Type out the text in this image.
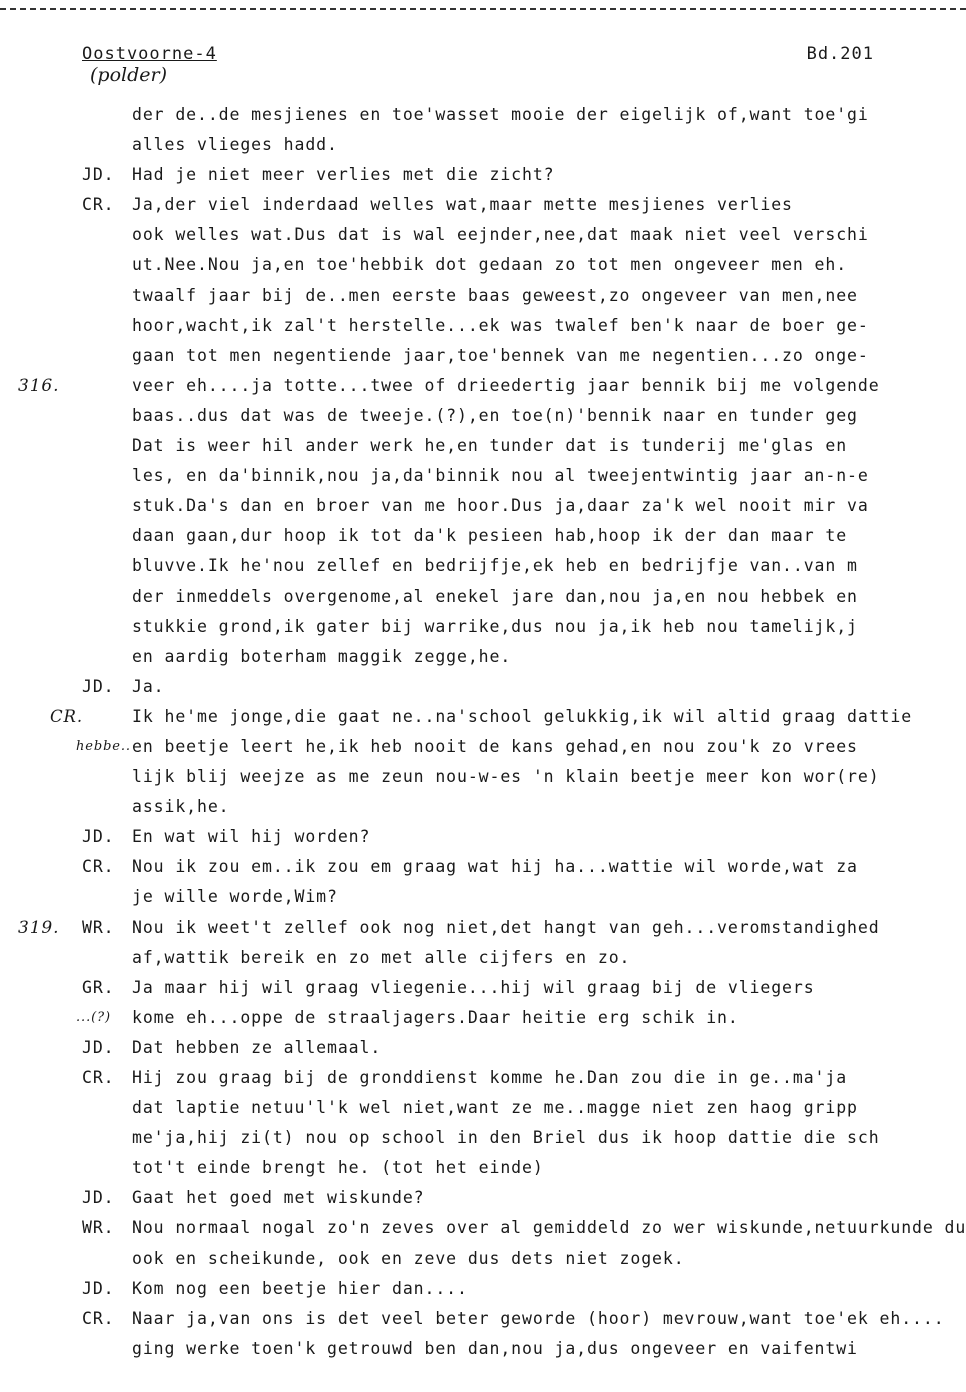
Oostvoorne-4	Bd.201
(polder)
der de..de mesjienes en toe'wasset mooie der eigelijk of,want toe'gi
alles vlieges hadd.
JD. Had je niet meer verlies met die zicht?
CR. Ja,der viel inderdaad welles wat,maar mette mesjienes verlies
ook welles wat.Dus dat is wal eejnder,nee,dat maak niet veel verschi
ut.Nee.Nou ja,en toe'hebbik dot gedaan zo tot men ongeveer men eh.
twaalf jaar bij de..men eerste baas geweest,zo ongeveer van men,nee
hoor,wacht,ik zal't herstelle...ek was twalef ben'k naar de boer ge-
gaan tot men negentiende jaar,toe'bennek van me negentien...zo onge-
316.	veer eh....ja totte...twee of drieedertig jaar bennik bij me volgende
baas..dus dat was de tweeje.(?),en toe(n)'bennik naar en tunder geg
Dat is weer hil ander werk he,en tunder dat is tunderij me'glas en
les, en da'binnik,nou ja,da'binnik nou al tweejentwintig jaar an-n-e
stuk.Da's dan en broer van me hoor.Dus ja,daar za'k wel nooit mir va
daan gaan,dur hoop ik tot da'k pesieen hab,hoop ik der dan maar te
bluvve.Ik he'nou zellef en bedrijfje,ek heb en bedrijfje van..van m
der inmeddels overgenome,al enekel jare dan,nou ja,en nou hebbek en
stukkie grond,ik gater bij warrike,dus nou ja,ik heb nou tamelijk,j
en aardig boterham maggik zegge,he.
JD. Ja.
CR.	Ik he'me jonge,die gaat ne..na'school gelukkig,ik wil altid graag dattie
hebbe.. en beetje leert he,ik heb nooit de kans gehad,en nou zou'k zo vrees
lijk blij weejze as me zeun nou-w-es 'n klain beetje meer kon wor(re)
assik,he.
JD. En wat wil hij worden?
CR. Nou ik zou em..ik zou em graag wat hij ha...wattie wil worde,wat za
je wille worde,Wim?
319. WR. Nou ik weet't zellef ook nog niet,det hangt van geh...veromstandighed
af,wattik bereik en zo met alle cijfers en zo.
GR. Ja maar hij wil graag vliegenie...hij wil graag bij de vliegers
...(?) kome eh...oppe de straaljagers.Daar heitie erg schik in.
JD. Dat hebben ze allemaal.
CR. Hij zou graag bij de gronddienst komme he.Dan zou die in ge..ma'ja
dat laptie netuu'l'k wel niet,want ze me..magge niet zen haog gripp
me'ja,hij zi(t) nou op school in den Briel dus ik hoop dattie die sch
tot't einde brengt he. (tot het einde)
JD. Gaat het goed met wiskunde?
WR. Nou normaal nogal zo'n zeves over al gemiddeld zo wer wiskunde,netuurkunde du
ook en scheikunde, ook en zeve dus dets niet zogek.
JD. Kom nog een beetje hier dan....
CR. Naar ja,van ons is det veel beter geworde (hoor) mevrouw,want toe'ek eh....
ging werke toen'k getrouwd ben dan,nou ja,dus ongeveer en vaifentwi
